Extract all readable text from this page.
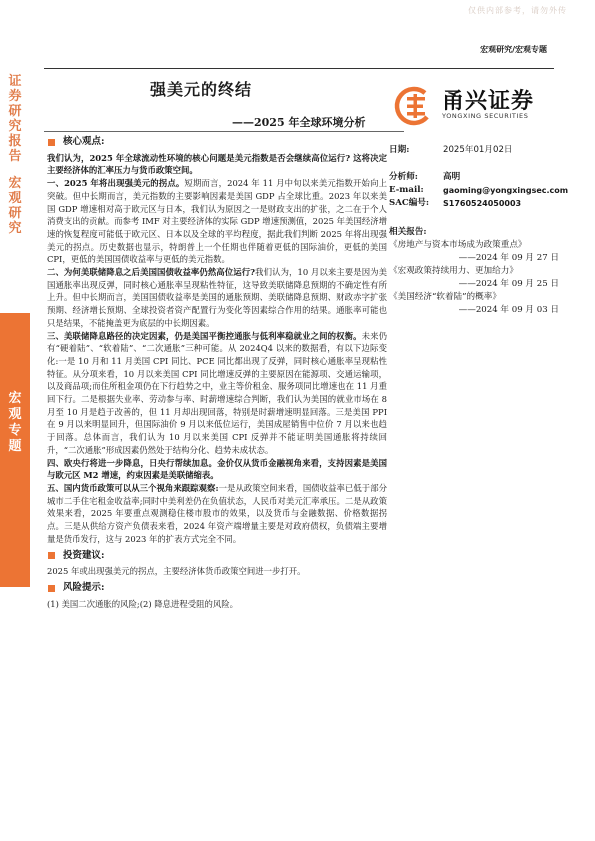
仅供内部参考，请勿外传
证
券
研
究
报
告
宏
观
研
究
宏
观
专
题
宏观研究/宏观专题
强美元的终结
——2025 年全球环境分析
甬兴证券
YONGXING SECURITIES
日期:	2025年01月02日
分析师:	高明
E-mail:	gaoming@yongxingsec.com
SAC编号:	S1760524050003
相关报告:

《房地产与资本市场成为政策重点》

——2024 年 09 月 27 日

《宏观政策持续用力、更加给力》

——2024 年 09 月 25 日

《美国经济“软着陆”的概率》

——2024 年 09 月 03 日

核心观点:

我们认为，2025 年全球流动性环境的核心问题是美元指数是否会继续高位运行? 这将决定主要经济体的汇率压力与货币政策空间。

一、2025 年将出现强美元的拐点。短期而言，2024 年 11 月中旬以来美元指数开始向上突破。但中长期而言，美元指数的主要影响因素是美国 GDP 占全球比重。2023 年以来美国 GDP 增速相对高于欧元区与日本，我们认为原因之一是财政支出的扩张，之二在于个人消费支出的贡献。而参考 IMF 对主要经济体的实际 GDP 增速预测值，2025 年美国经济增速的恢复程度可能低于欧元区、日本以及全球的平均程度，据此我们判断 2025 年将出现强美元的拐点。历史数据也显示，特朗普上一个任期也伴随着更低的国际油价，更低的美国 CPI，更低的美国国债收益率与更低的美元指数。

二、为何美联储降息之后美国国债收益率仍然高位运行?我们认为，10 月以来主要是因为美国通胀率出现反弹，同时核心通胀率呈现粘性特征，这导致美联储降息预期的不确定性有所上升。但中长期而言，美国国债收益率是美国的通胀预期、美联储降息预期、财政赤字扩张预期、经济增长预期、全球投资者资产配置行为变化等因素综合作用的结果。通胀率可能也只是结果，不能掩盖更为底层的中长期因素。

三、美联储降息路径的决定因素，仍是美国平衡控通胀与低利率稳就业之间的权衡。未来仍有“硬着陆”、“软着陆”、“二次通胀”三种可能。从 2024Q4 以来的数据看，有以下边际变化:一是 10 月和 11 月美国 CPI 同比、PCE 同比都出现了反弹，同时核心通胀率呈现粘性特征。从分项来看，10 月以来美国 CPI 同比增速反弹的主要原因在能源项、交通运输项，以及商品项;而住所租金项仍在下行趋势之中，业主等价租金、服务项同比增速也在 11 月重回下行。二是根据失业率、劳动参与率、时薪增速综合判断，我们认为美国的就业市场在 8 月至 10 月是趋于改善的，但 11 月却出现回落，特别是时薪增速明显回落。三是美国 PPI 在 9 月以来明显回升，但国际油价 9 月以来低位运行，美国成屋销售中位价 7 月以来也趋于回落。总体而言，我们认为 10 月以来美国 CPI 反弹并不能证明美国通胀将持续回升，“二次通胀”形成因素仍然处于结构分化、趋势未成状态。

四、欧央行将进一步降息，日央行帮续加息。金价仅从货币金融视角来看，支持因素是美国与欧元区 M2 增速，约束因素是美联储缩表。

五、国内货币政策可以从三个视角来跟踪观察:一是从政策空间来看，国债收益率已低于部分城市二手住宅租金收益率;同时中美利差仍在负值状态，人民币对美元汇率承压。二是从政策效果来看，2025 年要重点观测稳住楼市股市的效果，以及货币与金融数据、价格数据拐点。三是从供给方资产负债表来看，2024 年资产端增量主要是对政府债权，负债端主要增量是货币发行，这与 2023 年的扩表方式完全不同。

投资建议:

2025 年或出现强美元的拐点，主要经济体货币政策空间进一步打开。

风险提示:

(1) 美国二次通胀的风险;(2) 降息进程受阻的风险。
